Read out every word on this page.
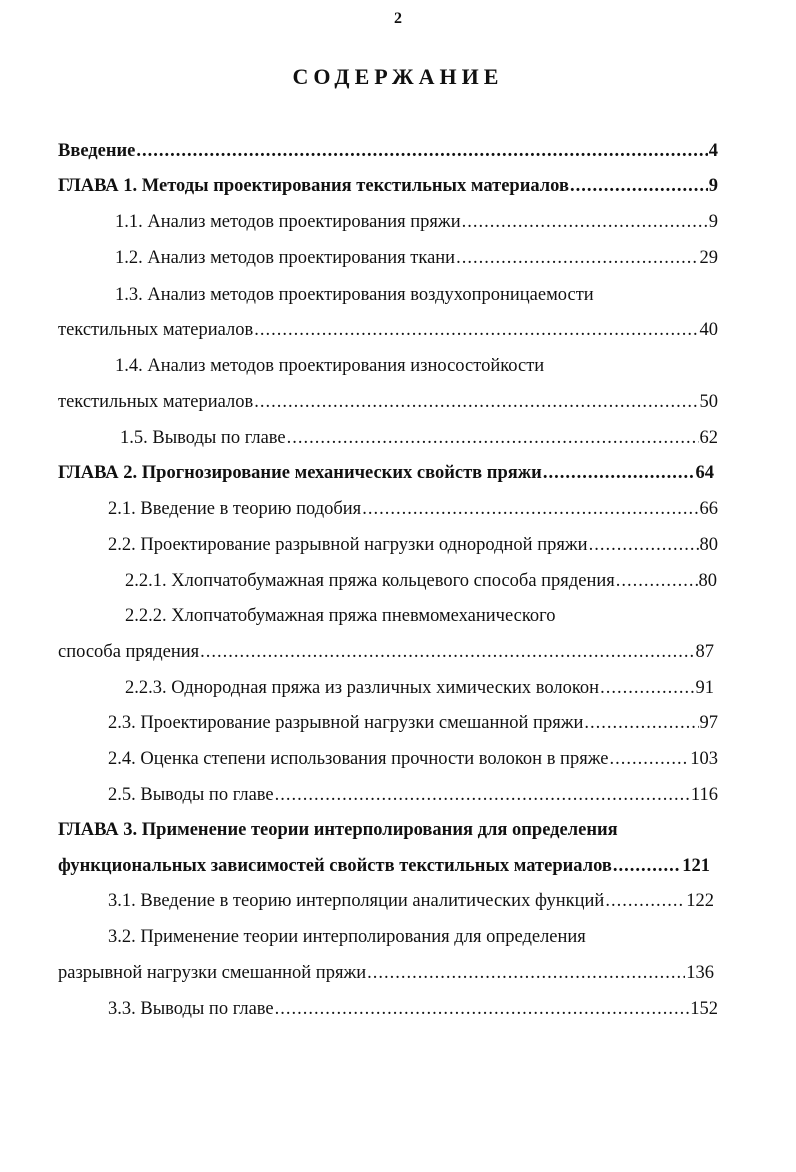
2
СОДЕРЖАНИЕ
Введение .....	4
ГЛАВА 1. Методы проектирования текстильных материалов .....	9
1.1. Анализ методов проектирования пряжи .....	9
1.2. Анализ методов проектирования ткани .....	29
1.3. Анализ методов проектирования воздухопроницаемости
текстильных материалов .....	40
1.4. Анализ методов проектирования износостойкости
текстильных материалов .....	50
1.5. Выводы по главе .....	62
ГЛАВА 2. Прогнозирование механических свойств пряжи .....	64
2.1. Введение в теорию подобия .....	66
2.2. Проектирование разрывной нагрузки однородной пряжи .....	80
2.2.1. Хлопчатобумажная пряжа кольцевого способа прядения .....	80
2.2.2. Хлопчатобумажная пряжа пневмомеханического
способа прядения .....	87
2.2.3. Однородная пряжа из различных химических волокон .....	91
2.3. Проектирование разрывной нагрузки смешанной пряжи .....	97
2.4. Оценка степени использования прочности волокон в пряже .....	103
2.5. Выводы по главе .....	116
ГЛАВА 3. Применение теории интерполирования для определения
функциональных зависимостей свойств текстильных материалов .....	121
3.1. Введение в теорию интерполяции аналитических функций .....	122
3.2. Применение теории интерполирования для определения
разрывной нагрузки смешанной пряжи .....	136
3.3. Выводы по главе .....	152
